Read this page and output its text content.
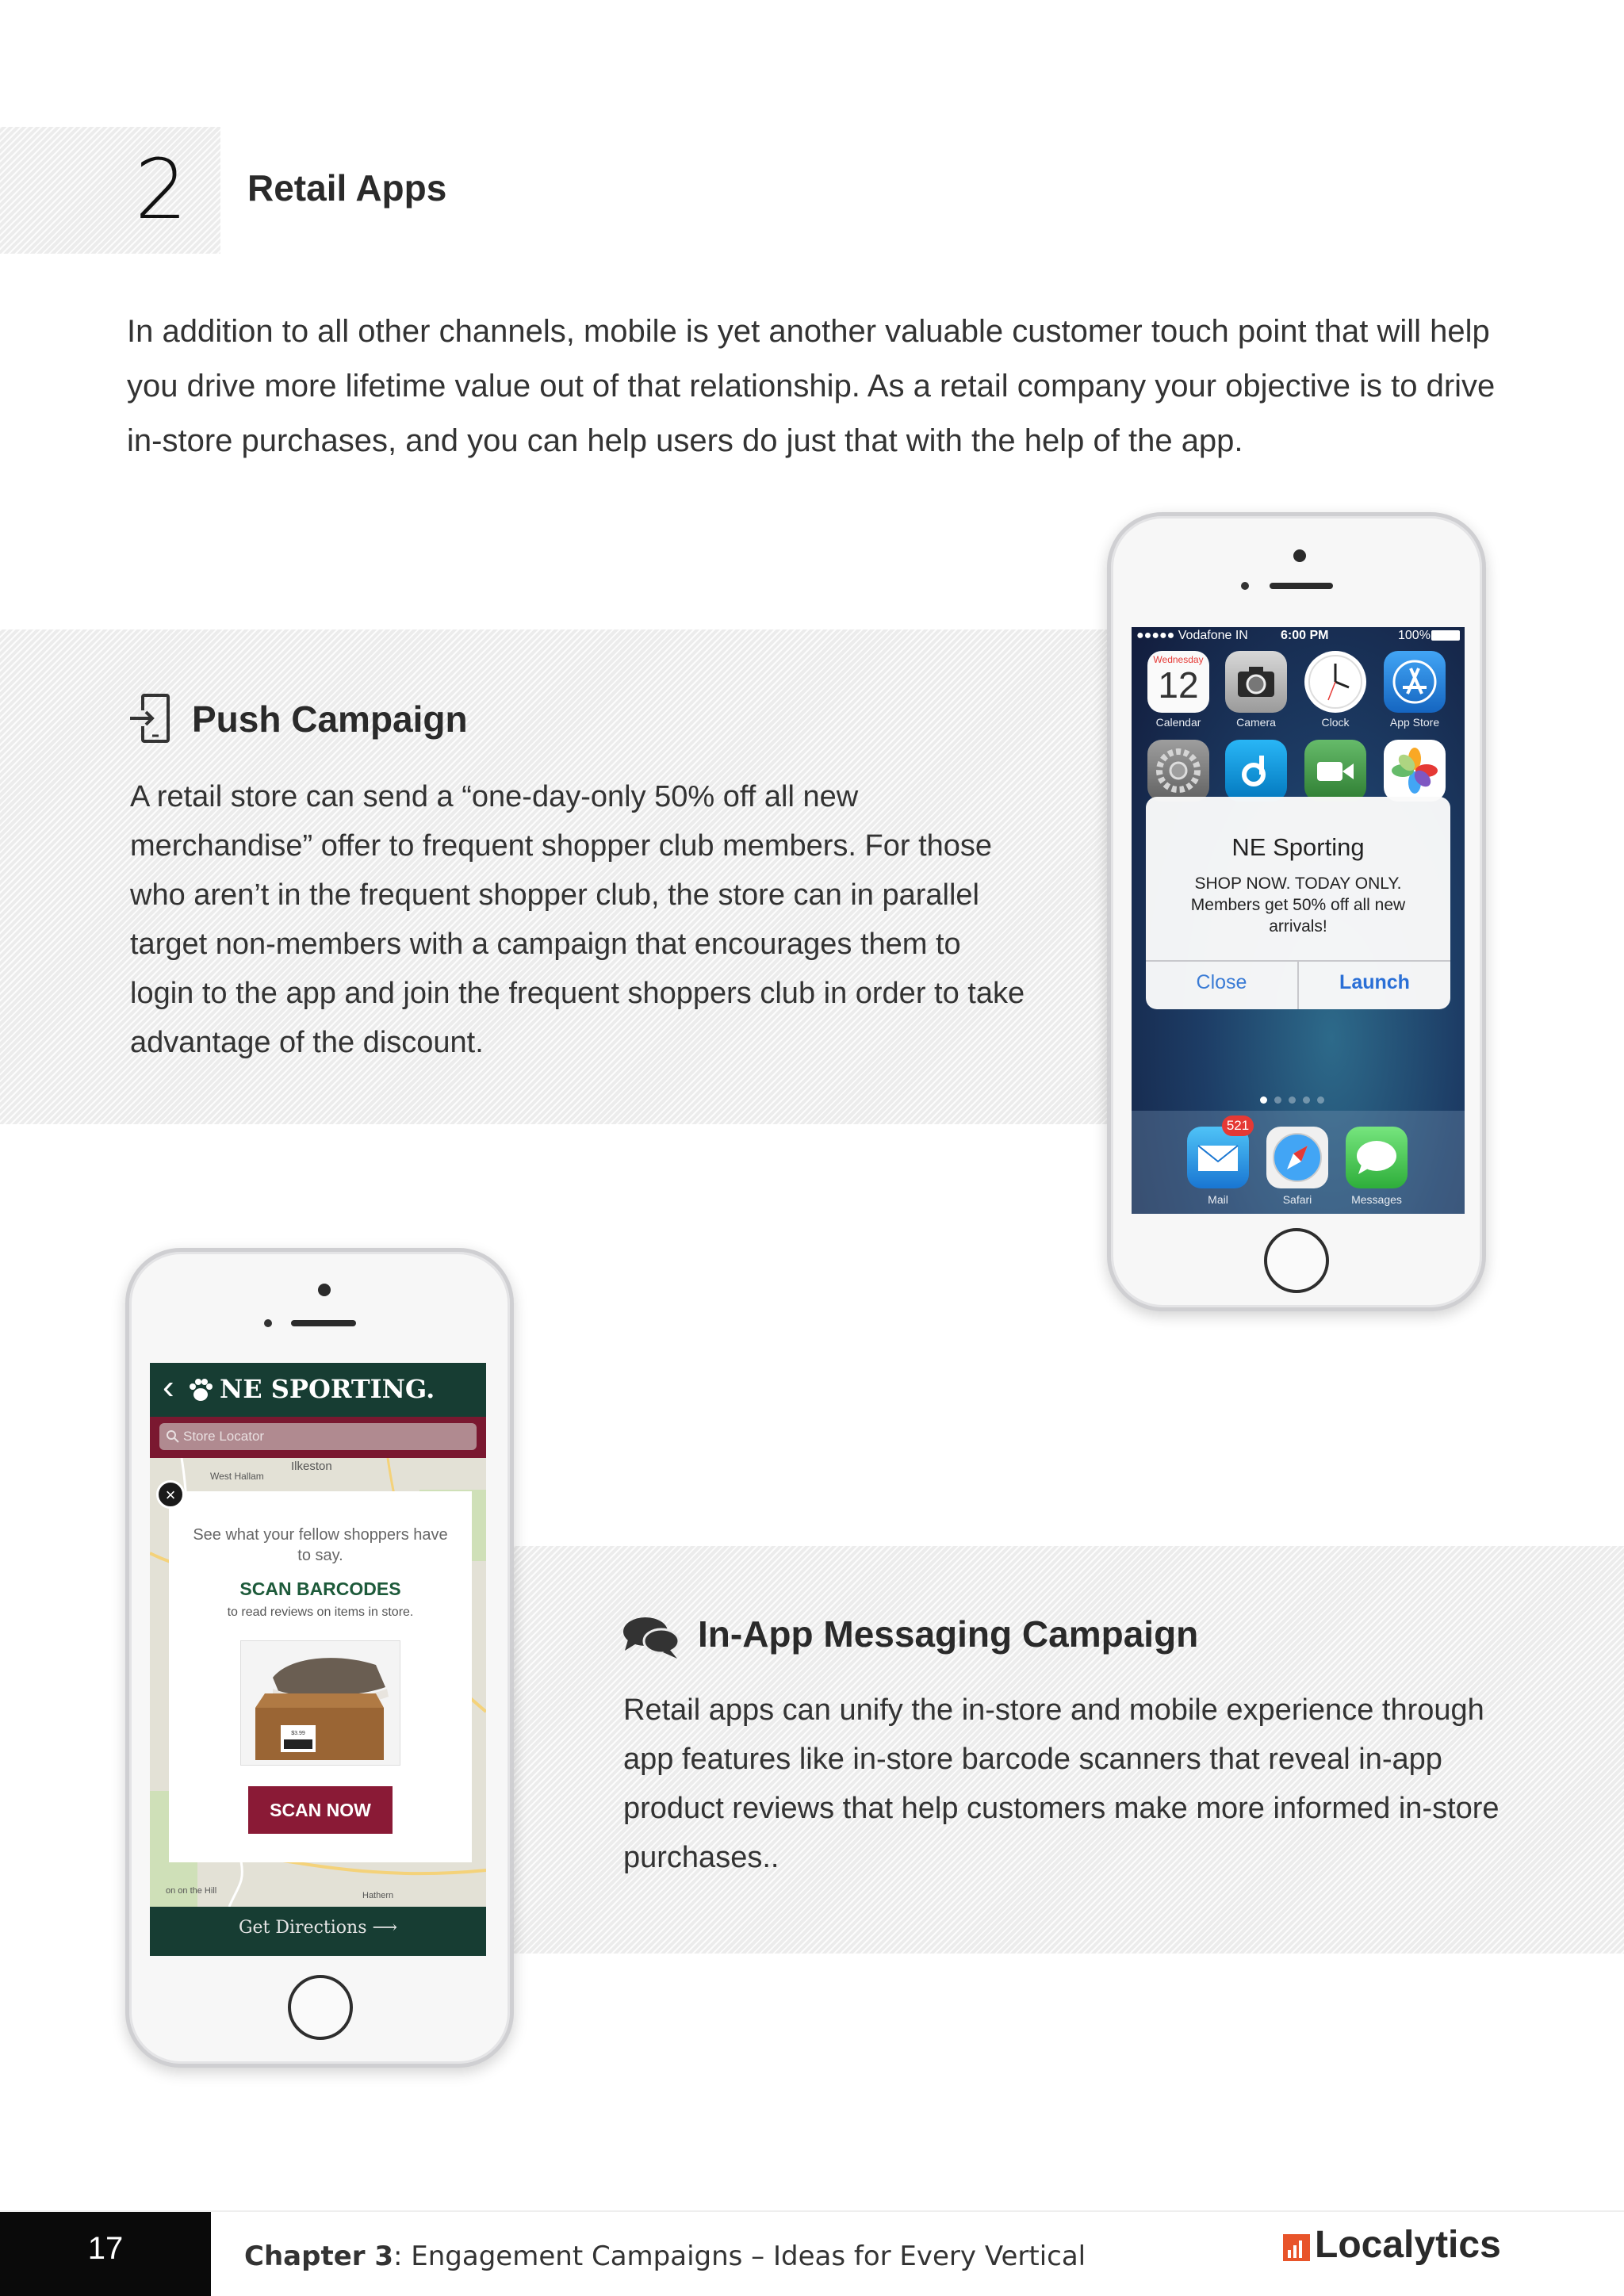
2 Retail Apps
In addition to all other channels, mobile is yet another valuable customer touch point that will help you drive more lifetime value out of that relationship. As a retail company your objective is to drive in-store purchases, and you can help users do just that with the help of the app.
Push Campaign
A retail store can send a “one-day-only 50% off all new merchandise” offer to frequent shopper club members. For those who aren’t in the frequent shopper club, the store can in parallel target non-members with a campaign that encourages them to login to the app and join the frequent shoppers club in order to take advantage of the discount.
In-App Messaging Campaign
Retail apps can unify the in-store and mobile experience through app features like in-store barcode scanners that reveal in-app product reviews that help customers make more informed in-store purchases..
●●●●● Vodafone IN	6:00 PM	100%
Wednesday
12
Calendar	Camera	Clock	App Store
NE Sporting
SHOP NOW. TODAY ONLY. Members get 50% off all new arrivals!
Close	Launch
521
Mail	Safari	Messages
‹ NE SPORTING.
Store Locator
Ilkeston
West Hallam
on on the Hill	Hathern
See what your fellow shoppers have to say.
SCAN BARCODES
to read reviews on items in store.
$3.99
SCAN NOW
×
Get Directions ⟶
17	Chapter 3: Engagement Campaigns – Ideas for Every Vertical	Localytics
